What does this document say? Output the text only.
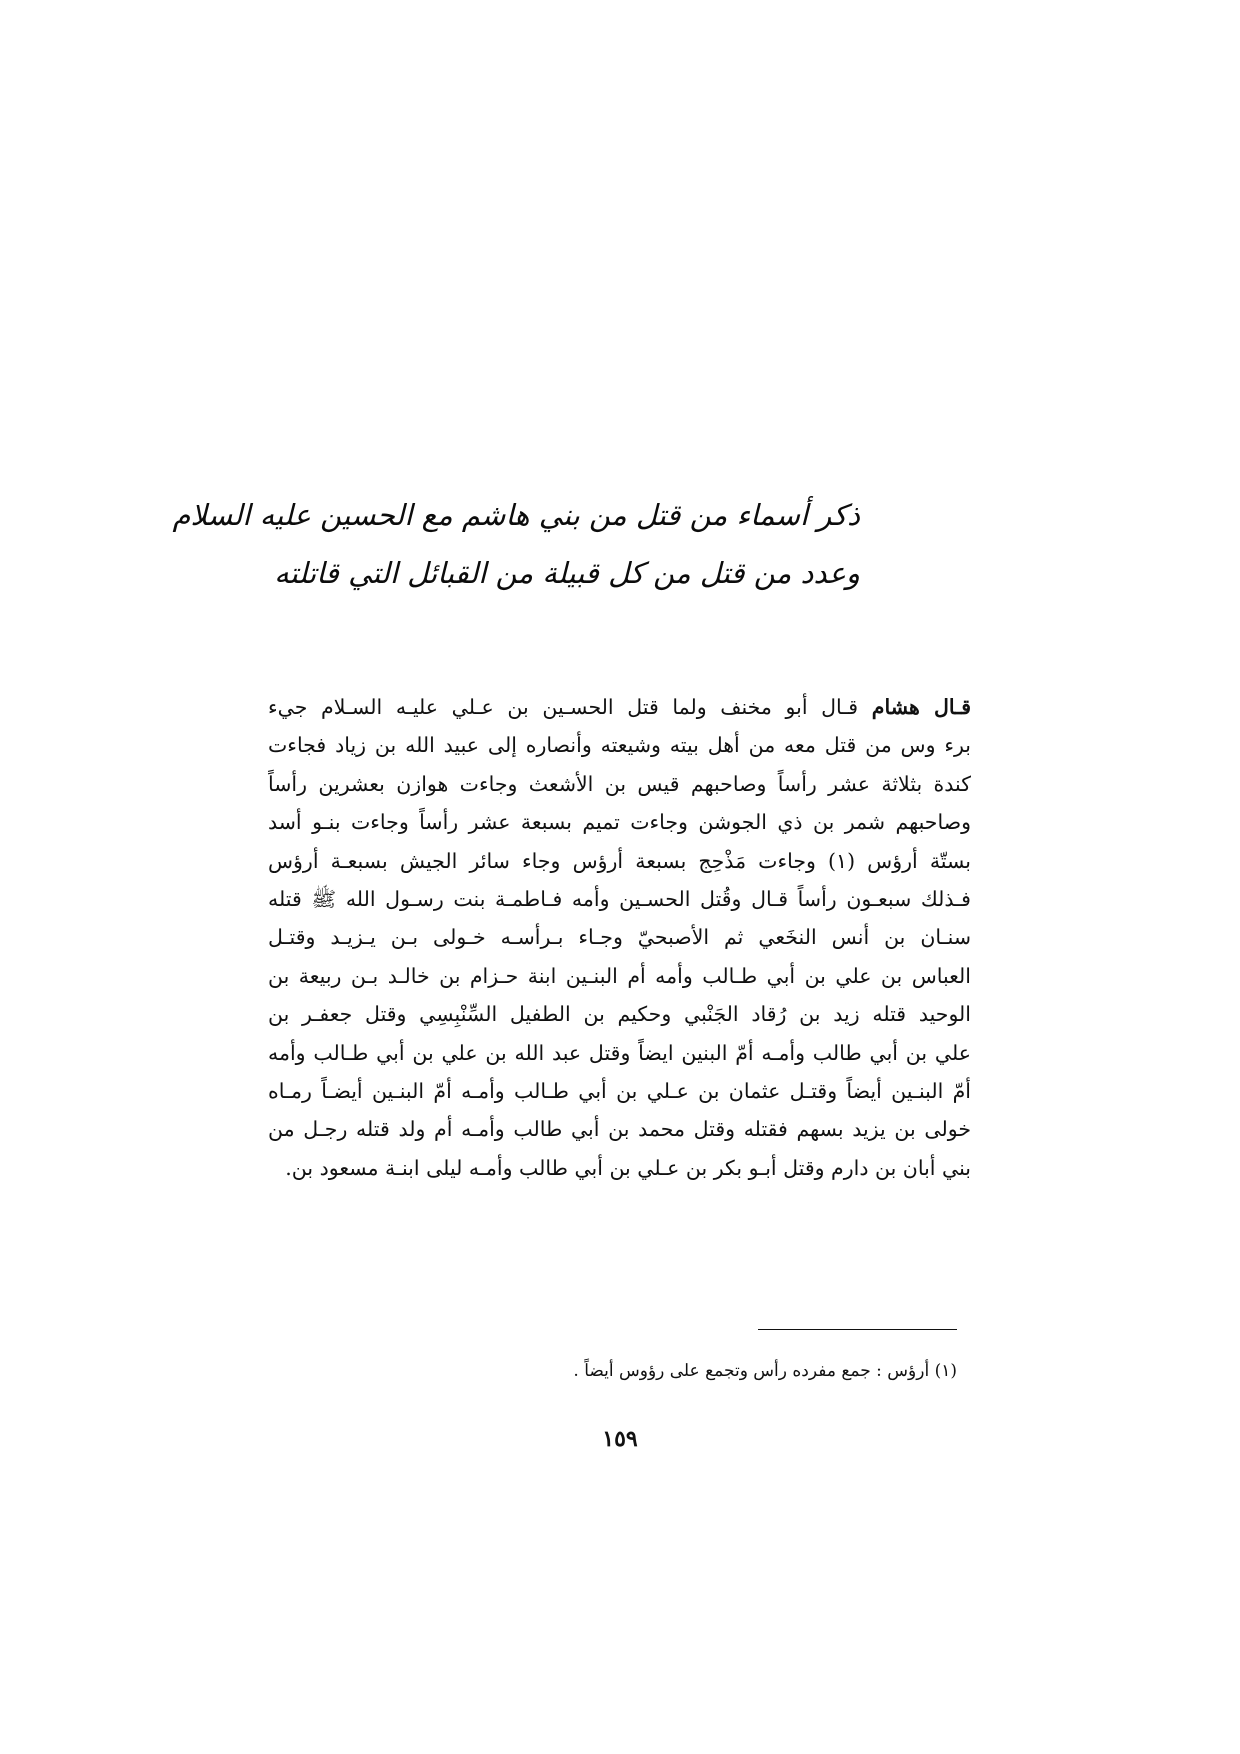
ذكر أسماء من قتل من بني هاشم مع الحسين عليه السلام
وعدد من قتل من كل قبيلة من القبائل التي قاتلته
قـال هشام قـال أبو مخنف ولما قتل الحسـين بن عـلي عليـه السـلام جيء
برء وس من قتل معه من أهل بيته وشيعته وأنصاره إلى عبيد الله بن زياد فجاءت
كندة بثلاثة عشر رأساً وصاحبهم قيس بن الأشعث وجاءت هوازن بعشرين رأساً
وصاحبهم شمر بن ذي الجوشن وجاءت تميم بسبعة عشر رأساً وجاءت بنـو أسد
بستّة أرؤس (١) وجاءت مَذْحِج بسبعة أرؤس وجاء سائر الجيش بسبعـة أرؤس
فـذلك سبعـون رأساً قـال وقُتل الحسـين وأمه فـاطمـة بنت رسـول الله ﷺ قتله
سنـان بن أنس النخَعي ثم الأصبحيّ وجـاء بـرأسـه خـولى بـن يـزيـد وقتـل
العباس بن علي بن أبي طـالب وأمه أم البنـين ابنة حـزام بن خالـد بـن ربيعة بن
الوحيد قتله زيد بن رُقاد الجَنْبي وحكيم بن الطفيل السِّنْبِسِي وقتل جعفـر بن
علي بن أبي طالب وأمـه أمّ البنين ايضاً وقتل عبد الله بن علي بن أبي طـالب وأمه
أمّ البنـين أيضاً وقتـل عثمان بن عـلي بن أبي طـالب وأمـه أمّ البنـين أيضـاً رمـاه
خولى بن يزيد بسهم فقتله وقتل محمد بن أبي طالب وأمـه أم ولد قتله رجـل من
بني أبان بن دارم وقتل أبـو بكر بن عـلي بن أبي طالب وأمـه ليلى ابنـة مسعود بن.
(١) أرؤس : جمع مفرده رأس وتجمع على رؤوس أيضاً .
١٥٩
